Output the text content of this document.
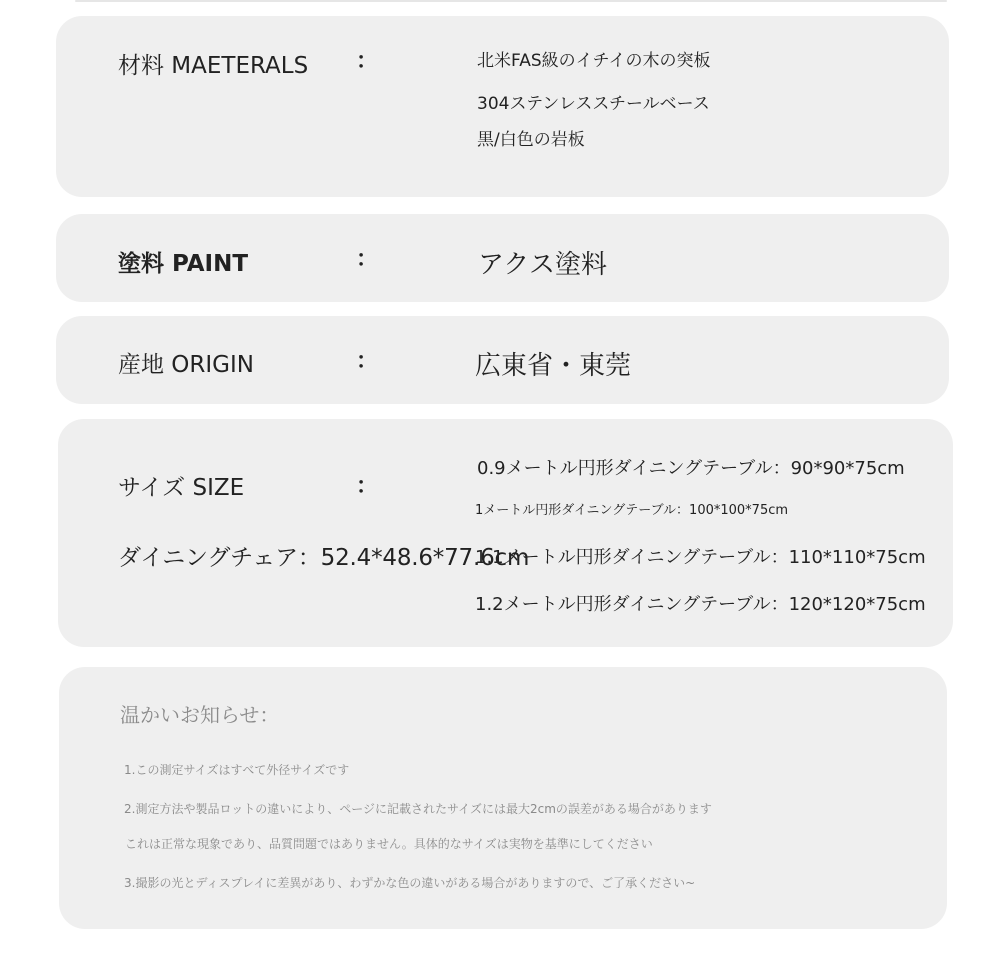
材料 MAETERALS ：	北米FAS級のイチイの木の突板
304ステンレススチールベース
黒/白色の岩板
塗料 PAINT	：	アクス塗料
産地 ORIGIN	：	広東省・東莞
サイズ SIZE	：
0.9メートル円形ダイニングテーブル：90*90*75cm
1メートル円形ダイニングテーブル：100*100*75cm
1.1メートル円形ダイニングテーブル：110*110*75cm
1.2メートル円形ダイニングテーブル：120*120*75cm
ダイニングチェア：52.4*48.6*77.6cm
温かいお知らせ：
1.この測定サイズはすべて外径サイズです
2.測定方法や製品ロットの違いにより、ページに記載されたサイズには最大2cmの誤差がある場合があります
これは正常な現象であり、品質問題ではありません。具体的なサイズは実物を基準にしてください
3.撮影の光とディスプレイに差異があり、わずかな色の違いがある場合がありますので、ご了承ください~
